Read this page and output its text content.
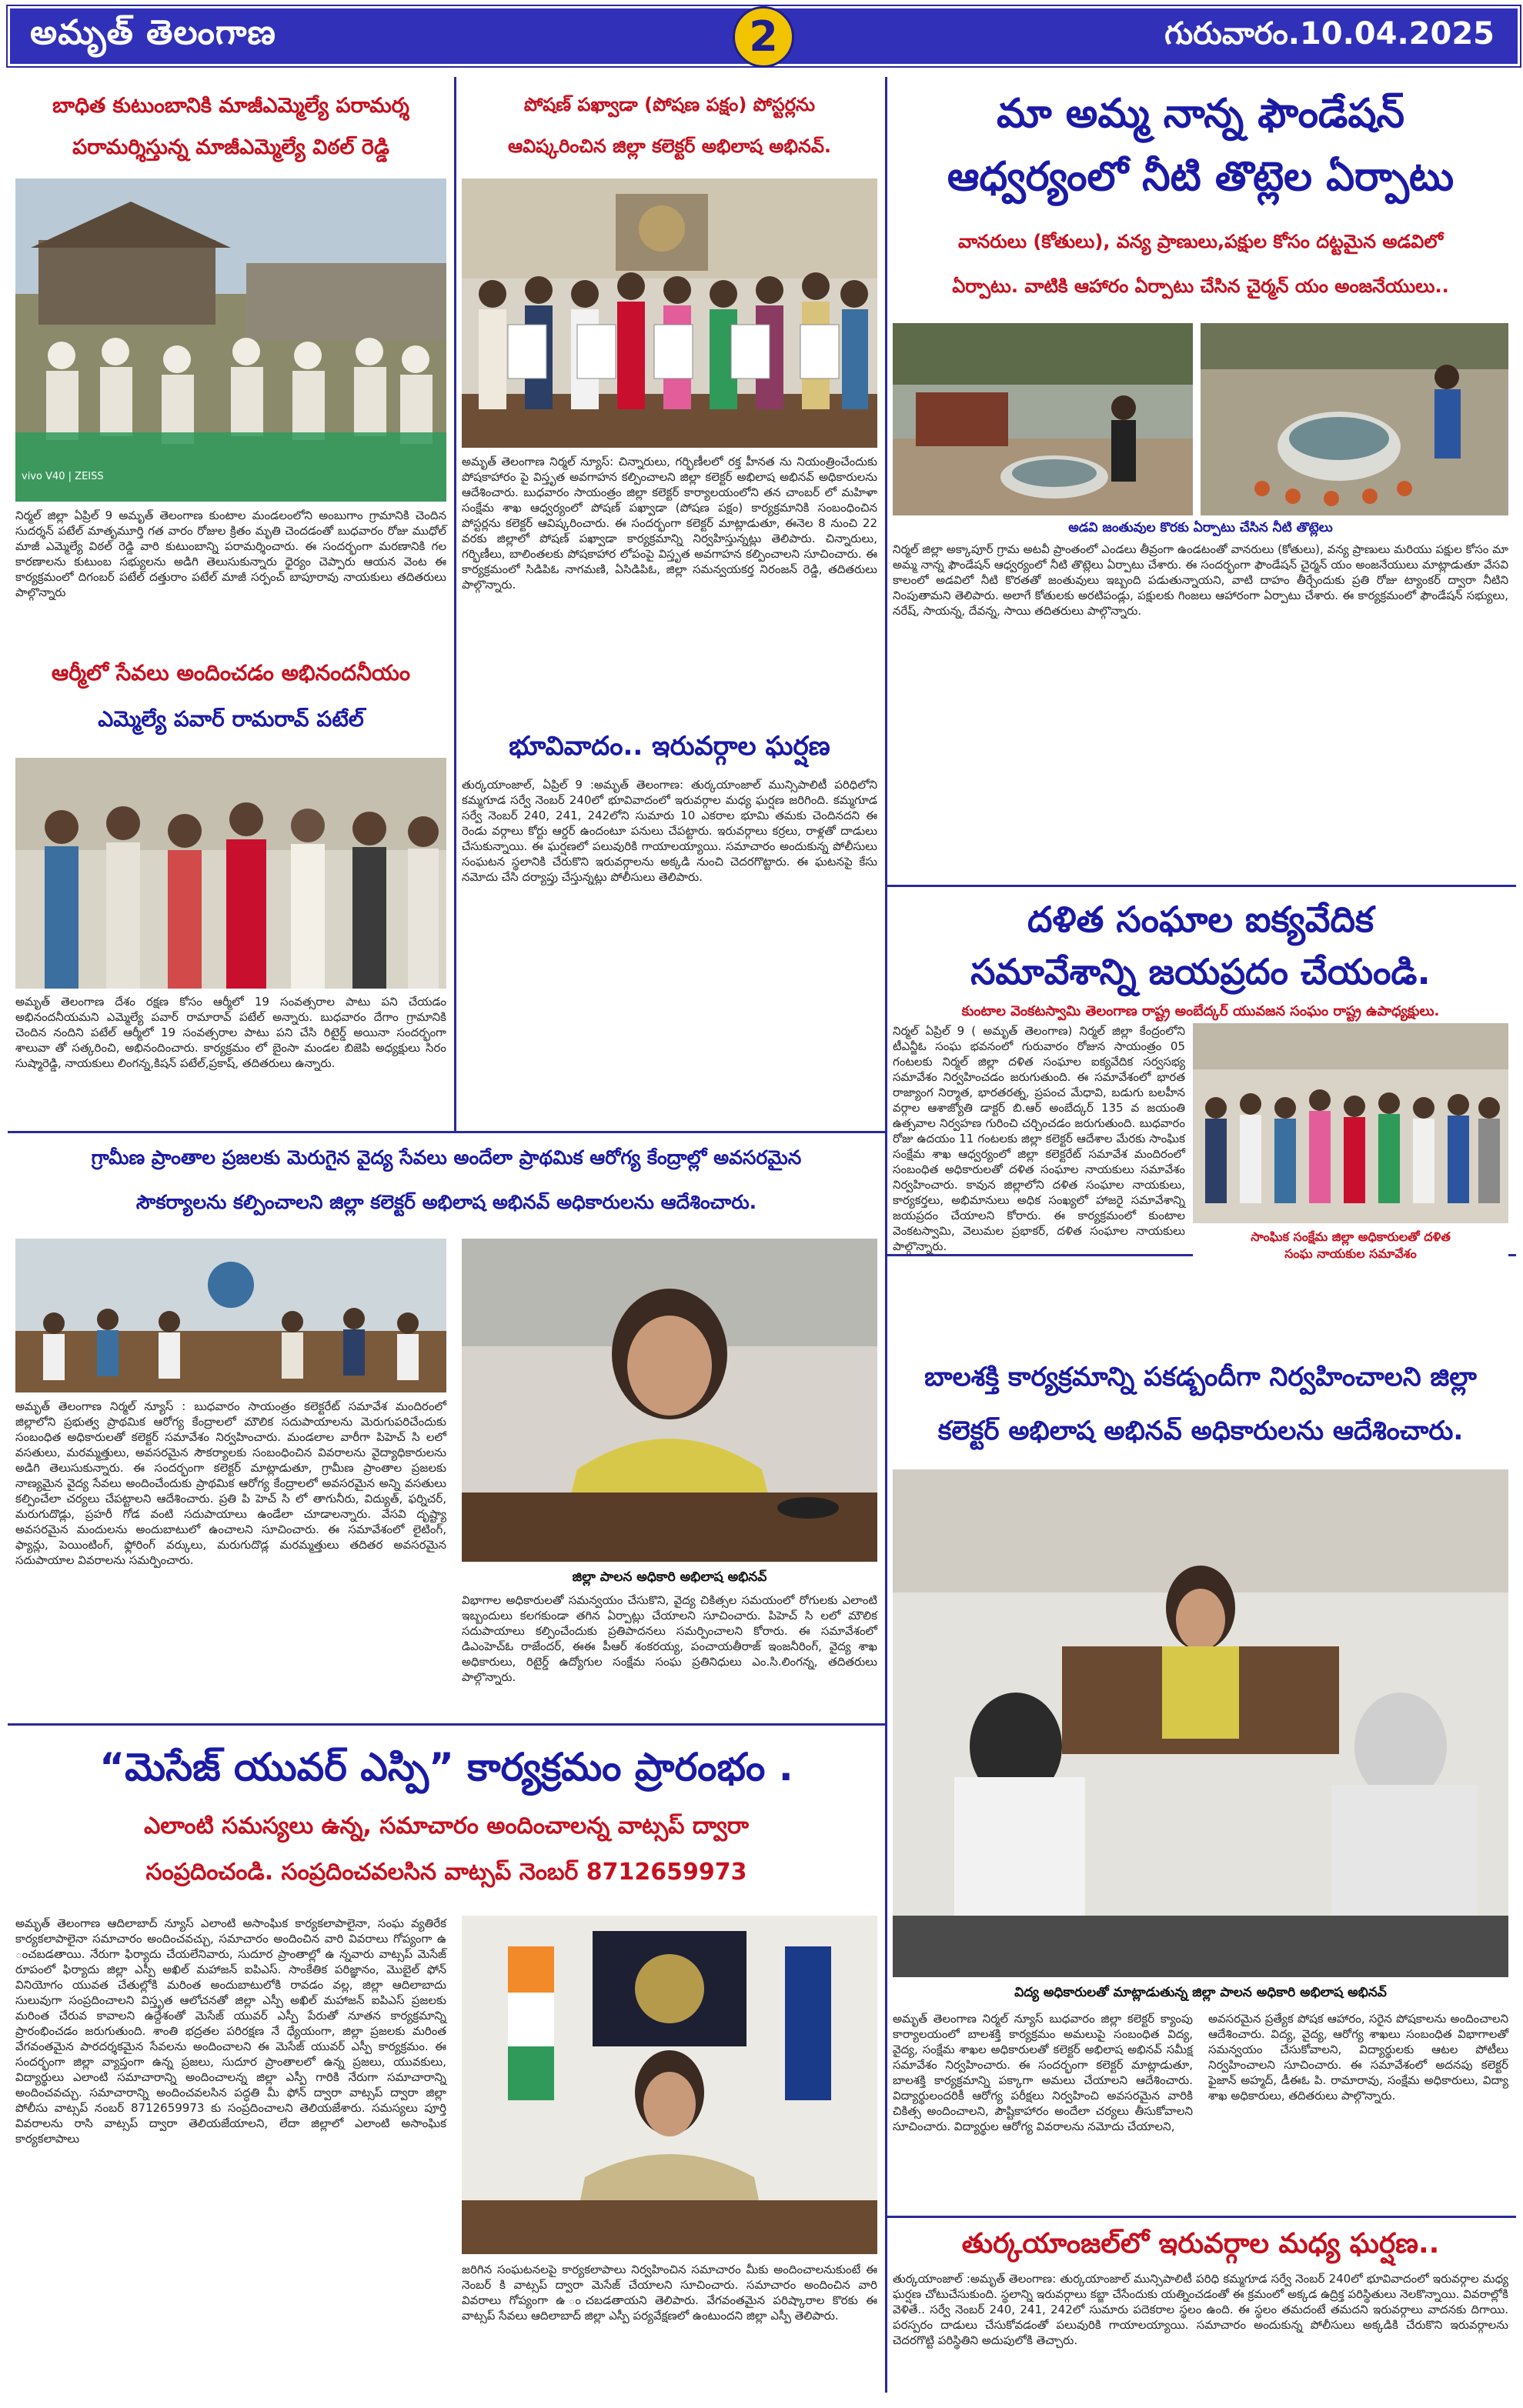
అమృత్ తెలంగాణ	గురువారం.10.04.2025
2
బాధిత కుటుంబానికి మాజీఎమ్మెల్యే పరామర్శ
పరామర్శిస్తున్న మాజీఎమ్మెల్యే విఠల్ రెడ్డి
vivo V40 | ZEISS
నిర్మల్ జిల్లా ఏప్రిల్ 9 అమృత్ తెలంగాణ కుంటాల మండలంలోని అంబుగాం గ్రామానికి చెందిన సుదర్శన్ పటేల్ మాతృమూర్తి గత వారం రోజుల క్రితం మృతి చెందడంతో బుధవారం రోజు ముధోల్ మాజీ ఎమ్మెల్యే విఠల్ రెడ్డి వారి కుటుంబాన్ని పరామర్శించారు. ఈ సందర్భంగా మరణానికి గల కారణాలను కుటుంబ సభ్యులను అడిగి తెలుసుకున్నారు ధైర్యం చెప్పారు ఆయన వెంట ఈ కార్యక్రమంలో దిగంబర్ పటేల్ దత్తురాం పటేల్ మాజీ సర్పంచ్ బాపూరావు నాయకులు తదితరులు పాల్గొన్నారు
ఆర్మీలో సేవలు అందించడం అభినందనీయం
ఎమ్మెల్యే పవార్ రామరావ్ పటేల్
అమృత్ తెలంగాణ దేశం రక్షణ కోసం ఆర్మీలో 19 సంవత్సరాల పాటు పని చేయడం అభినందనీయమని ఎమ్మెల్యే పవార్ రామారావ్ పటేల్ అన్నారు. బుధవారం దేగాం గ్రామానికి చెందిన నందిని పటేల్ ఆర్మీలో 19 సంవత్సరాల పాటు పని చేసి రిటైర్డ్ అయినా సందర్భంగా శాలువా తో సత్కరించి, అభినందించారు. కార్యక్రమం లో బైంసా మండల బిజెపి అధ్యక్షులు సిరం సుష్మారెడ్డి, నాయకులు లింగన్న,కిషన్ పటేల్,ప్రకాష్, తదితరులు ఉన్నారు.
పోషణ్ పఖ్వాడా (పోషణ పక్షం) పోస్టర్లను
ఆవిష్కరించిన జిల్లా కలెక్టర్ అభిలాష అభినవ్.
అమృత్ తెలంగాణ నిర్మల్ న్యూస్: చిన్నారులు, గర్భిణీలలో రక్త హీనత ను నియంత్రించేందుకు పోషకాహారం పై విస్తృత అవగాహన కల్పించాలని జిల్లా కలెక్టర్ అభిలాష అభినవ్ అధికారులను ఆదేశించారు. బుధవారం సాయంత్రం జిల్లా కలెక్టర్ కార్యాలయంలోని తన చాంబర్ లో మహిళా సంక్షేమ శాఖ ఆధ్వర్యంలో పోషణ్ పఖ్వాడా (పోషణ పక్షం) కార్యక్రమానికి సంబంధించిన పోస్టర్లను కలెక్టర్ ఆవిష్కరించారు. ఈ సందర్భంగా కలెక్టర్ మాట్లాడుతూ, ఈనెల 8 నుంచి 22 వరకు జిల్లాలో పోషణ్ పఖ్వాడా కార్యక్రమాన్ని నిర్వహిస్తున్నట్లు తెలిపారు. చిన్నారులు, గర్భిణీలు, బాలింతలకు పోషకాహార లోపంపై విస్తృత అవగాహన కల్పించాలని సూచించారు. ఈ కార్యక్రమంలో సిడిపిఓ నాగమణి, ఏసిడిపిఓ, జిల్లా సమన్వయకర్త నిరంజన్ రెడ్డి, తదితరులు పాల్గొన్నారు.
భూవివాదం.. ఇరువర్గాల ఘర్షణ
తుర్కయాంజాల్, ఏప్రిల్ 9 :అమృత్ తెలంగాణ: తుర్కయాంజాల్ మున్సిపాలిటీ పరిధిలోని కమ్మగూడ సర్వే నెంబర్ 240లో భూవివాదంలో ఇరువర్గాల మధ్య ఘర్షణ జరిగింది. కమ్మగూడ సర్వే నెంబర్ 240, 241, 242లోని సుమారు 10 ఎకరాల భూమి తమకు చెందినదని ఈ రెండు వర్గాలు కోర్టు ఆర్డర్ ఉందంటూ పనులు చేపట్టారు. ఇరువర్గాలు కర్రలు, రాళ్లతో దాడులు చేసుకున్నాయి. ఈ ఘర్షణలో పలువురికి గాయాలయ్యాయి. సమాచారం అందుకున్న పోలీసులు సంఘటన స్థలానికి చేరుకొని ఇరువర్గాలను అక్కడి నుంచి చెదరగొట్టారు. ఈ ఘటనపై కేసు నమోదు చేసి దర్యాప్తు చేస్తున్నట్లు పోలీసులు తెలిపారు.
మా అమ్మ నాన్న ఫౌండేషన్
ఆధ్వర్యంలో నీటి తొట్లెల ఏర్పాటు
వానరులు (కోతులు), వన్య ప్రాణులు,పక్షుల కోసం దట్టమైన అడవిలో
ఏర్పాటు. వాటికి ఆహారం ఏర్పాటు చేసిన చైర్మన్ యం అంజనేయులు..
అడవి జంతువుల కొరకు ఏర్పాటు చేసిన నీటి తొట్లెలు
నిర్మల్ జిల్లా అక్కాపూర్ గ్రామ అటవీ ప్రాంతంలో ఎండలు తీవ్రంగా ఉండటంతో వానరులు (కోతులు), వన్య ప్రాణులు మరియు పక్షుల కోసం మా అమ్మ నాన్న ఫౌండేషన్ ఆధ్వర్యంలో నీటి తొట్లెలు ఏర్పాటు చేశారు. ఈ సందర్భంగా ఫౌండేషన్ చైర్మన్ యం అంజనేయులు మాట్లాడుతూ వేసవి కాలంలో అడవిలో నీటి కొరతతో జంతువులు ఇబ్బంది పడుతున్నాయని, వాటి దాహం తీర్చేందుకు ప్రతి రోజు ట్యాంకర్ ద్వారా నీటిని నింపుతామని తెలిపారు. అలాగే కోతులకు అరటిపండ్లు, పక్షులకు గింజలు ఆహారంగా ఏర్పాటు చేశారు. ఈ కార్యక్రమంలో ఫౌండేషన్ సభ్యులు, నరేష్, సాయన్న, దేవన్న, సాయి తదితరులు పాల్గొన్నారు.
దళిత సంఘాల ఐక్యవేదిక
సమావేశాన్ని జయప్రదం చేయండి.
కుంటాల వెంకటస్వామి తెలంగాణ రాష్ట్ర అంబేద్కర్ యువజన సంఘం రాష్ట్ర ఉపాధ్యక్షులు.
నిర్మల్ ఏప్రిల్ 9 ( అమృత్ తెలంగాణ) నిర్మల్ జిల్లా కేంద్రంలోని టీఎన్జీఓ సంఘ భవనంలో గురువారం రోజున సాయంత్రం 05 గంటలకు నిర్మల్ జిల్లా దళిత సంఘాల ఐక్యవేదిక సర్వసభ్య సమావేశం నిర్వహించడం జరుగుతుంది. ఈ సమావేశంలో భారత రాజ్యాంగ నిర్మాత, భారతరత్న, ప్రపంచ మేధావి, బడుగు బలహీన వర్గాల ఆశాజ్యోతి డాక్టర్ బి.ఆర్ అంబేద్కర్ 135 వ జయంతి ఉత్సవాల నిర్వహణ గురించి చర్చించడం జరుగుతుంది. బుధవారం రోజు ఉదయం 11 గంటలకు జిల్లా కలెక్టర్ ఆదేశాల మేరకు సాంఘిక సంక్షేమ శాఖ ఆధ్వర్యంలో జిల్లా కలెక్టరేట్ సమావేశ మందిరంలో సంబంధిత అధికారులతో దళిత సంఘాల నాయకులు సమావేశం నిర్వహించారు. కావున జిల్లాలోని దళిత సంఘాల నాయకులు, కార్యకర్తలు, అభిమానులు అధిక సంఖ్యలో హాజరై సమావేశాన్ని జయప్రదం చేయాలని కోరారు. ఈ కార్యక్రమంలో కుంటాల వెంకటస్వామి, వెలుమల ప్రభాకర్, దళిత సంఘాల నాయకులు పాల్గొన్నారు.
సాంఘిక సంక్షేమ జిల్లా అధికారులతో దళిత
సంఘ నాయకుల సమావేశం
గ్రామీణ ప్రాంతాల ప్రజలకు మెరుగైన వైద్య సేవలు అందేలా ప్రాథమిక ఆరోగ్య కేంద్రాల్లో అవసరమైన
సౌకర్యాలను కల్పించాలని జిల్లా కలెక్టర్ అభిలాష అభినవ్ అధికారులను ఆదేశించారు.
అమృత్ తెలంగాణ నిర్మల్ న్యూస్ : బుధవారం సాయంత్రం కలెక్టరేట్ సమావేశ మందిరంలో జిల్లాలోని ప్రభుత్వ ప్రాథమిక ఆరోగ్య కేంద్రాలలో మౌలిక సదుపాయాలను మెరుగుపరిచేందుకు సంబంధిత అధికారులతో కలెక్టర్ సమావేశం నిర్వహించారు. మండలాల వారీగా పిహెచ్ సి లలో వసతులు, మరమ్మత్తులు, అవసరమైన సౌకర్యాలకు సంబంధించిన వివరాలను వైద్యాధికారులను అడిగి తెలుసుకున్నారు. ఈ సందర్భంగా కలెక్టర్ మాట్లాడుతూ, గ్రామీణ ప్రాంతాల ప్రజలకు నాణ్యమైన వైద్య సేవలు అందించేందుకు ప్రాథమిక ఆరోగ్య కేంద్రాలలో అవసరమైన అన్ని వసతులు కల్పించేలా చర్యలు చేపట్టాలని ఆదేశించారు. ప్రతి పి హెచ్ సి లో తాగునీరు, విద్యుత్, ఫర్నిచర్, మరుగుదొడ్లు, ప్రహరీ గోడ వంటి సదుపాయాలు ఉండేలా చూడాలన్నారు. వేసవి దృష్ట్యా అవసరమైన మందులను అందుబాటులో ఉంచాలని సూచించారు. ఈ సమావేశంలో లైటింగ్, ఫ్యాన్లు, పెయింటింగ్, ఫ్లోరింగ్ వర్కులు, మరుగుదొడ్ల మరమ్మత్తులు తదితర అవసరమైన సదుపాయాల వివరాలను సమర్పించారు.
జిల్లా పాలన అధికారి అభిలాష అభినవ్
విభాగాల అధికారులతో సమన్వయం చేసుకొని, వైద్య చికిత్సల సమయంలో రోగులకు ఎలాంటి ఇబ్బందులు కలగకుండా తగిన ఏర్పాట్లు చేయాలని సూచించారు. పిహెచ్ సి లలో మౌలిక సదుపాయాలు కల్పించేందుకు ప్రతిపాదనలు సమర్పించాలని కోరారు. ఈ సమావేశంలో డిఎంహెచ్ఓ రాజేందర్, ఈఈ పీఆర్ శంకరయ్య, పంచాయతీరాజ్ ఇంజనీరింగ్, వైద్య శాఖ అధికారులు, రిటైర్డ్ ఉద్యోగుల సంక్షేమ సంఘ ప్రతినిధులు ఎం.సి.లింగన్న, తదితరులు పాల్గొన్నారు.
బాలశక్తి కార్యక్రమాన్ని పకడ్బందీగా నిర్వహించాలని జిల్లా
కలెక్టర్ అభిలాష అభినవ్ అధికారులను ఆదేశించారు.
విద్య అధికారులతో మాట్లాడుతున్న జిల్లా పాలన అధికారి అభిలాష అభినవ్
అమృత్ తెలంగాణ నిర్మల్ న్యూస్ బుధవారం జిల్లా కలెక్టర్ క్యాంపు కార్యాలయంలో బాలశక్తి కార్యక్రమం అమలుపై సంబంధిత విద్య, వైద్య, సంక్షేమ శాఖల అధికారులతో కలెక్టర్ అభిలాష అభినవ్ సమీక్ష సమావేశం నిర్వహించారు. ఈ సందర్భంగా కలెక్టర్ మాట్లాడుతూ, బాలశక్తి కార్యక్రమాన్ని పక్కాగా అమలు చేయాలని ఆదేశించారు. విద్యార్థులందరికీ ఆరోగ్య పరీక్షలు నిర్వహించి అవసరమైన వారికి చికిత్స అందించాలని, పౌష్టికాహారం అందేలా చర్యలు తీసుకోవాలని సూచించారు. విద్యార్థుల ఆరోగ్య వివరాలను నమోదు చేయాలని,
అవసరమైన ప్రత్యేక పోషక ఆహారం, సరైన పోషకాలను అందించాలని ఆదేశించారు. విద్య, వైద్య, ఆరోగ్య శాఖలు సంబంధిత విభాగాలతో సమన్వయం చేసుకోవాలని, విద్యార్థులకు ఆటల పోటీలు నిర్వహించాలని సూచించారు. ఈ సమావేశంలో అదనపు కలెక్టర్ ఫైజాన్ అహ్మద్, డీఈఓ పి. రామారావు, సంక్షేమ అధికారులు, విద్యా శాఖ అధికారులు, తదితరులు పాల్గొన్నారు.
“మెసేజ్ యువర్ ఎస్పి” కార్యక్రమం ప్రారంభం .
ఎలాంటి సమస్యలు ఉన్న, సమాచారం అందించాలన్న వాట్సప్ ద్వారా
సంప్రదించండి. సంప్రదించవలసిన వాట్సప్ నెంబర్ 8712659973
అమృత్ తెలంగాణ ఆదిలాబాద్ న్యూస్ ఎలాంటి అసాంఘిక కార్యకలాపాలైనా, సంఘ వ్యతిరేక కార్యకలాపాలైనా సమాచారం అందించవచ్చు, సమాచారం అందించిన వారి వివరాలు గోప్యంగా ఉ ంచబడతాయి. నేరుగా ఫిర్యాదు చేయలేనివారు, సుదూర ప్రాంతాల్లో ఉ న్నవారు వాట్సప్ మెసేజ్ రూపంలో ఫిర్యాదు జిల్లా ఎస్పీ అఖిల్ మహాజన్ ఐపిఎస్. సాంకేతిక పరిజ్ఞానం, మొబైల్ ఫోన్ వినియోగం యువత చేతుల్లోకి మరింత అందుబాటులోకి రావడం వల్ల, జిల్లా ఆదిలాబాదు సులువుగా సంప్రదించాలని విస్తృత ఆలోచనతో జిల్లా ఎస్పీ అఖిల్ మహాజన్ ఐపిఎస్ ప్రజలకు మరింత చేరువ కావాలని ఉద్దేశంతో మెసేజ్ యువర్ ఎస్పీ పేరుతో నూతన కార్యక్రమాన్ని ప్రారంభించడం జరుగుతుంది. శాంతి భద్రతల పరిరక్షణ నే ధ్యేయంగా, జిల్లా ప్రజలకు మరింత వేగవంతమైన పారదర్శకమైన సేవలను అందించాలని ఈ మెసేజ్ యువర్ ఎస్పీ కార్యక్రమం. ఈ సందర్భంగా జిల్లా వ్యాప్తంగా ఉన్న ప్రజలు, సుదూర ప్రాంతాలలో ఉన్న ప్రజలు, యువకులు, విద్యార్థులు ఎలాంటి సమాచారాన్ని అందించాలన్న జిల్లా ఎస్పీ గారికి నేరుగా సమాచారాన్ని అందించవచ్చు. సమాచారాన్ని అందించవలసిన పద్ధతి మీ ఫోన్ ద్వారా వాట్సప్ ద్వారా జిల్లా పోలీసు వాట్సప్ నంబర్ 8712659973 కు సంప్రదించాలని తెలియజేశారు. సమస్యలు పూర్తి వివరాలను రాసి వాట్సప్ ద్వారా తెలియజేయాలని, లేదా జిల్లాలో ఎలాంటి అసాంఘిక కార్యకలాపాలు
జరిగిన సంఘటనలపై కార్యకలాపాలు నిర్వహించిన సమాచారం మీకు అందించాలనుకుంటే ఈ నెంబర్ కి వాట్సప్ ద్వారా మెసేజ్ చేయాలని సూచించారు. సమాచారం అందించిన వారి వివరాలు గోప్యంగా ఉ ంచబడతాయని తెలిపారు. వేగవంతమైన పరిష్కారాల కొరకు ఈ వాట్సప్ సేవలు ఆదిలాబాద్ జిల్లా ఎస్పీ పర్యవేక్షణలో ఉంటుందని జిల్లా ఎస్పీ తెలిపారు.
తుర్కయాంజల్‌లో ఇరువర్గాల మధ్య ఘర్షణ..
తుర్కయాంజాల్ :అమృత్ తెలంగాణ: తుర్కయాంజాల్ మున్సిపాలిటీ పరిధి కమ్మగూడ సర్వే నెంబర్ 240లో భూవివాదంలో ఇరువర్గాల మధ్య ఘర్షణ చోటుచేసుకుంది. స్థలాన్ని ఇరువర్గాలు కబ్జా చేసేందుకు యత్నించడంతో ఈ క్రమంలో అక్కడ ఉద్రిక్త పరిస్థితులు నెలకొన్నాయి. వివరాల్లోకి వెళితే.. సర్వే నెంబర్ 240, 241, 242లో సుమారు పదెకరాల స్థలం ఉంది. ఈ స్థలం తమదంటే తమదని ఇరువర్గాలు వాదనకు దిగాయి. పరస్పరం దాడులు చేసుకోవడంతో పలువురికి గాయాలయ్యాయి. సమాచారం అందుకున్న పోలీసులు అక్కడికి చేరుకొని ఇరువర్గాలను చెదరగొట్టి పరిస్థితిని అదుపులోకి తెచ్చారు.
